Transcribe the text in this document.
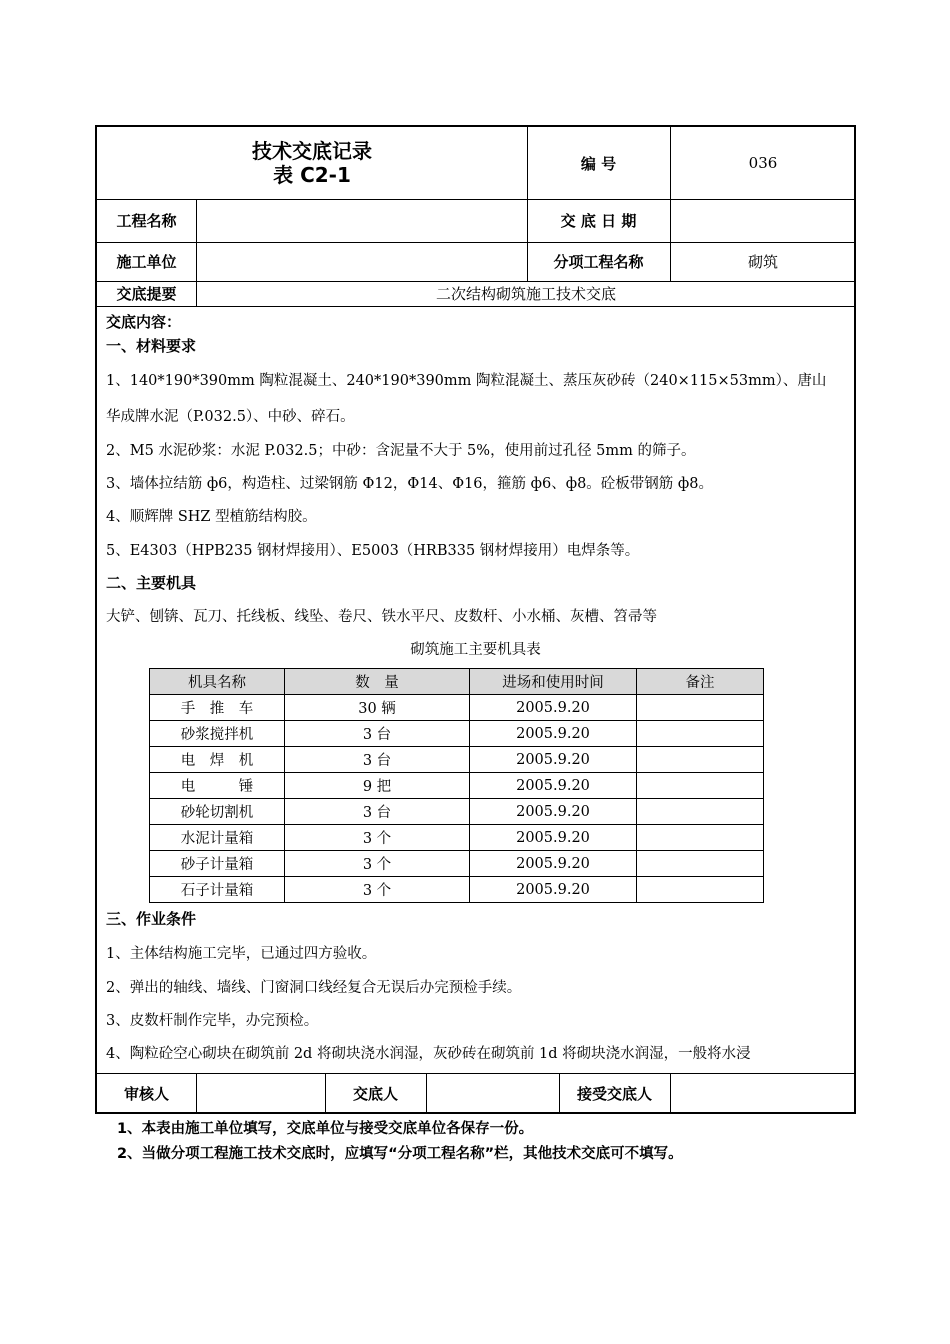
技术交底记录
表 C2-1	编 号	036
工程名称	交 底 日 期
施工单位	分项工程名称	砌筑
交底提要	二次结构砌筑施工技术交底
交底内容：
一、材料要求
1、140*190*390mm 陶粒混凝土、240*190*390mm 陶粒混凝土、蒸压灰砂砖（240×115×53mm）、唐山
华成牌水泥（P.032.5）、中砂、碎石。
2、M5 水泥砂浆：水泥 P.032.5；中砂：含泥量不大于 5%，使用前过孔径 5mm 的筛子。
3、墙体拉结筋 ф6，构造柱、过梁钢筋 Φ12，Φ14、Φ16，箍筋 ф6、ф8。砼板带钢筋 ф8。
4、顺辉牌 SHZ 型植筋结构胶。
5、E4303（HPB235 钢材焊接用）、E5003（HRB335 钢材焊接用）电焊条等。
二、主要机具
大铲、刨锛、瓦刀、托线板、线坠、卷尺、铁水平尺、皮数杆、小水桶、灰槽、笤帚等
砌筑施工主要机具表
机具名称	数　量	进场和使用时间	备注
手　推　车	30 辆	2005.9.20	
砂浆搅拌机	3 台	2005.9.20	
电　焊　机	3 台	2005.9.20	
电　　　锤	9 把	2005.9.20	
砂轮切割机	3 台	2005.9.20	
水泥计量箱	3 个	2005.9.20	
砂子计量箱	3 个	2005.9.20	
石子计量箱	3 个	2005.9.20	
三、作业条件
1、主体结构施工完毕，已通过四方验收。
2、弹出的轴线、墙线、门窗洞口线经复合无误后办完预检手续。
3、皮数杆制作完毕，办完预检。
4、陶粒砼空心砌块在砌筑前 2d 将砌块浇水润湿，灰砂砖在砌筑前 1d 将砌块浇水润湿，一般将水浸
审核人	交底人	接受交底人
1、本表由施工单位填写，交底单位与接受交底单位各保存一份。
2、当做分项工程施工技术交底时，应填写“分项工程名称”栏，其他技术交底可不填写。
